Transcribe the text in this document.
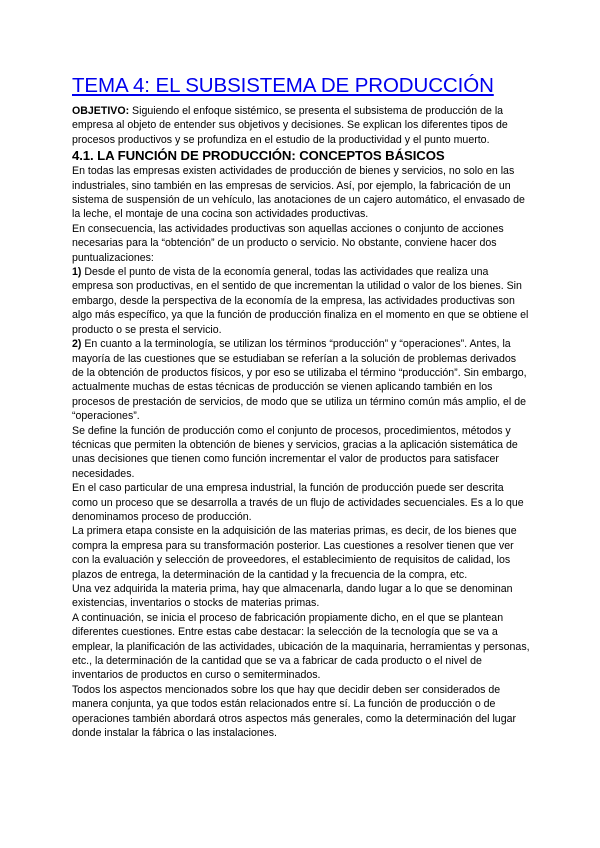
TEMA 4: EL SUBSISTEMA DE PRODUCCIÓN

OBJETIVO: Siguiendo el enfoque sistémico, se presenta el subsistema de producción de la empresa al objeto de entender sus objetivos y decisiones. Se explican los diferentes tipos de procesos productivos y se profundiza en el estudio de la productividad y el punto muerto.

4.1. LA FUNCIÓN DE PRODUCCIÓN: CONCEPTOS BÁSICOS

En todas las empresas existen actividades de producción de bienes y servicios, no solo en las industriales, sino también en las empresas de servicios. Así, por ejemplo, la fabricación de un sistema de suspensión de un vehículo, las anotaciones de un cajero automático, el envasado de la leche, el montaje de una cocina son actividades productivas.

En consecuencia, las actividades productivas son aquellas acciones o conjunto de acciones necesarias para la “obtención” de un producto o servicio. No obstante, conviene hacer dos puntualizaciones:

1) Desde el punto de vista de la economía general, todas las actividades que realiza una empresa son productivas, en el sentido de que incrementan la utilidad o valor de los bienes. Sin embargo, desde la perspectiva de la economía de la empresa, las actividades productivas son algo más específico, ya que la función de producción finaliza en el momento en que se obtiene el producto o se presta el servicio.

2) En cuanto a la terminología, se utilizan los términos “producción” y “operaciones”. Antes, la mayoría de las cuestiones que se estudiaban se referían a la solución de problemas derivados de la obtención de productos físicos, y por eso se utilizaba el término “producción”. Sin embargo, actualmente muchas de estas técnicas de producción se vienen aplicando también en los procesos de prestación de servicios, de modo que se utiliza un término común más amplio, el de “operaciones”.

Se define la función de producción como el conjunto de procesos, procedimientos, métodos y técnicas que permiten la obtención de bienes y servicios, gracias a la aplicación sistemática de unas decisiones que tienen como función incrementar el valor de productos para satisfacer necesidades.

En el caso particular de una empresa industrial, la función de producción puede ser descrita como un proceso que se desarrolla a través de un flujo de actividades secuenciales. Es a lo que denominamos proceso de producción.

La primera etapa consiste en la adquisición de las materias primas, es decir, de los bienes que compra la empresa para su transformación posterior. Las cuestiones a resolver tienen que ver con la evaluación y selección de proveedores, el establecimiento de requisitos de calidad, los plazos de entrega, la determinación de la cantidad y la frecuencia de la compra, etc.

Una vez adquirida la materia prima, hay que almacenarla, dando lugar a lo que se denominan existencias, inventarios o stocks de materias primas.

A continuación, se inicia el proceso de fabricación propiamente dicho, en el que se plantean diferentes cuestiones. Entre estas cabe destacar: la selección de la tecnología que se va a emplear, la planificación de las actividades, ubicación de la maquinaria, herramientas y personas, etc., la determinación de la cantidad que se va a fabricar de cada producto o el nivel de inventarios de productos en curso o semiterminados.

Todos los aspectos mencionados sobre los que hay que decidir deben ser considerados de manera conjunta, ya que todos están relacionados entre sí. La función de producción o de operaciones también abordará otros aspectos más generales, como la determinación del lugar donde instalar la fábrica o las instalaciones.
